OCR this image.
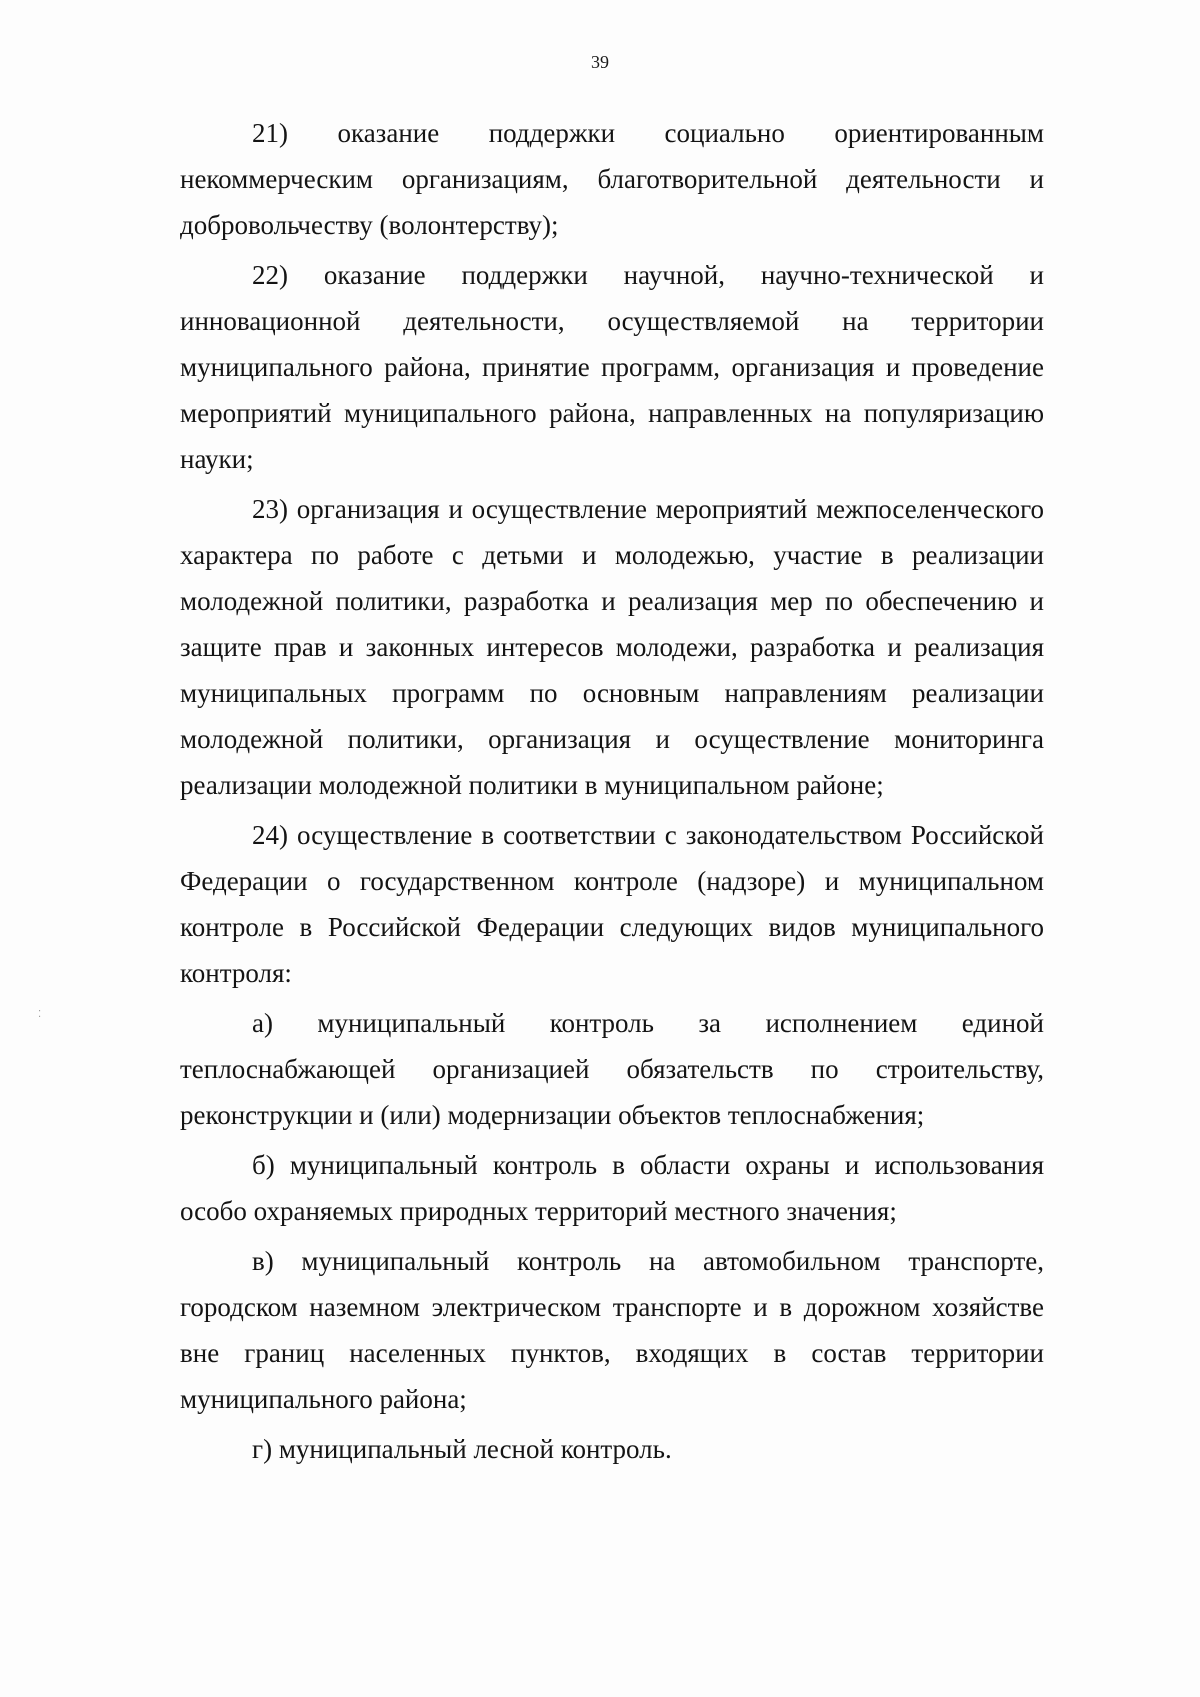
39

21) оказание поддержки социально ориентированным некоммерческим организациям, благотворительной деятельности и добровольчеству (волонтерству);

22) оказание поддержки научной, научно-технической и инновационной деятельности, осуществляемой на территории муниципального района, принятие программ, организация и проведение мероприятий муниципального района, направленных на популяризацию науки;

23) организация и осуществление мероприятий межпоселенческого характера по работе с детьми и молодежью, участие в реализации молодежной политики, разработка и реализация мер по обеспечению и защите прав и законных интересов молодежи, разработка и реализация муниципальных программ по основным направлениям реализации молодежной политики, организация и осуществление мониторинга реализации молодежной политики в муниципальном районе;

24) осуществление в соответствии с законодательством Российской Федерации о государственном контроле (надзоре) и муниципальном контроле в Российской Федерации следующих видов муниципального контроля:

а) муниципальный контроль за исполнением единой теплоснабжающей организацией обязательств по строительству, реконструкции и (или) модернизации объектов теплоснабжения;

б) муниципальный контроль в области охраны и использования особо охраняемых природных территорий местного значения;

в) муниципальный контроль на автомобильном транспорте, городском наземном электрическом транспорте и в дорожном хозяйстве вне границ населенных пунктов, входящих в состав территории муниципального района;

г) муниципальный лесной контроль.

⁚
